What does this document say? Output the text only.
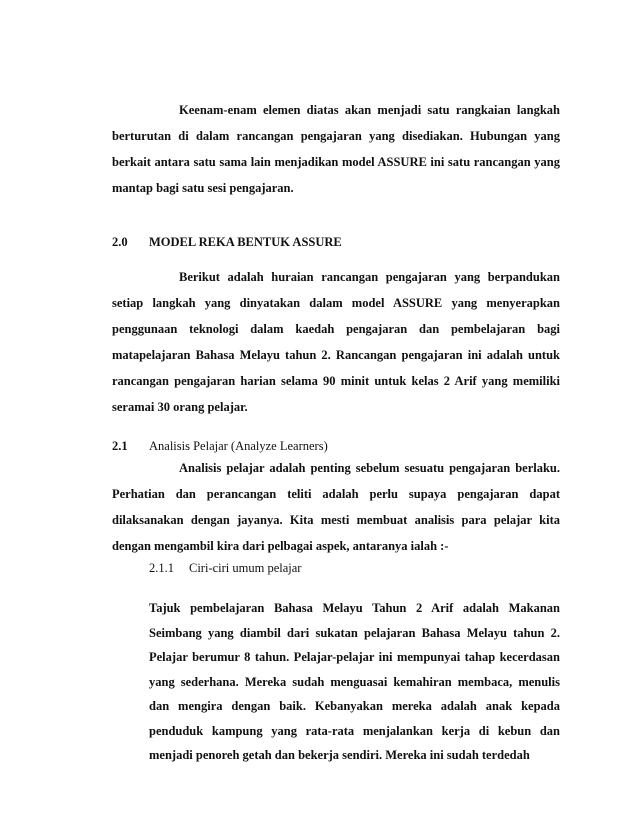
Keenam-enam elemen diatas akan menjadi satu rangkaian langkah berturutan di dalam rancangan pengajaran yang disediakan. Hubungan yang berkait antara satu sama lain menjadikan model ASSURE ini satu rancangan yang mantap bagi satu sesi pengajaran.

2.0 MODEL REKA BENTUK ASSURE

Berikut adalah huraian rancangan pengajaran yang berpandukan setiap langkah yang dinyatakan dalam model ASSURE yang menyerapkan penggunaan teknologi dalam kaedah pengajaran dan pembelajaran bagi matapelajaran Bahasa Melayu tahun 2. Rancangan pengajaran ini adalah untuk rancangan pengajaran harian selama 90 minit untuk kelas 2 Arif yang memiliki seramai 30 orang pelajar.

2.1 Analisis Pelajar (Analyze Learners)

Analisis pelajar adalah penting sebelum sesuatu pengajaran berlaku. Perhatian dan perancangan teliti adalah perlu supaya pengajaran dapat dilaksanakan dengan jayanya. Kita mesti membuat analisis para pelajar kita dengan mengambil kira dari pelbagai aspek, antaranya ialah :-

2.1.1 Ciri-ciri umum pelajar

Tajuk pembelajaran Bahasa Melayu Tahun 2 Arif adalah Makanan Seimbang yang diambil dari sukatan pelajaran Bahasa Melayu tahun 2. Pelajar berumur 8 tahun. Pelajar-pelajar ini mempunyai tahap kecerdasan yang sederhana. Mereka sudah menguasai kemahiran membaca, menulis dan mengira dengan baik. Kebanyakan mereka adalah anak kepada penduduk kampung yang rata-rata menjalankan kerja di kebun dan menjadi penoreh getah dan bekerja sendiri. Mereka ini sudah terdedah
